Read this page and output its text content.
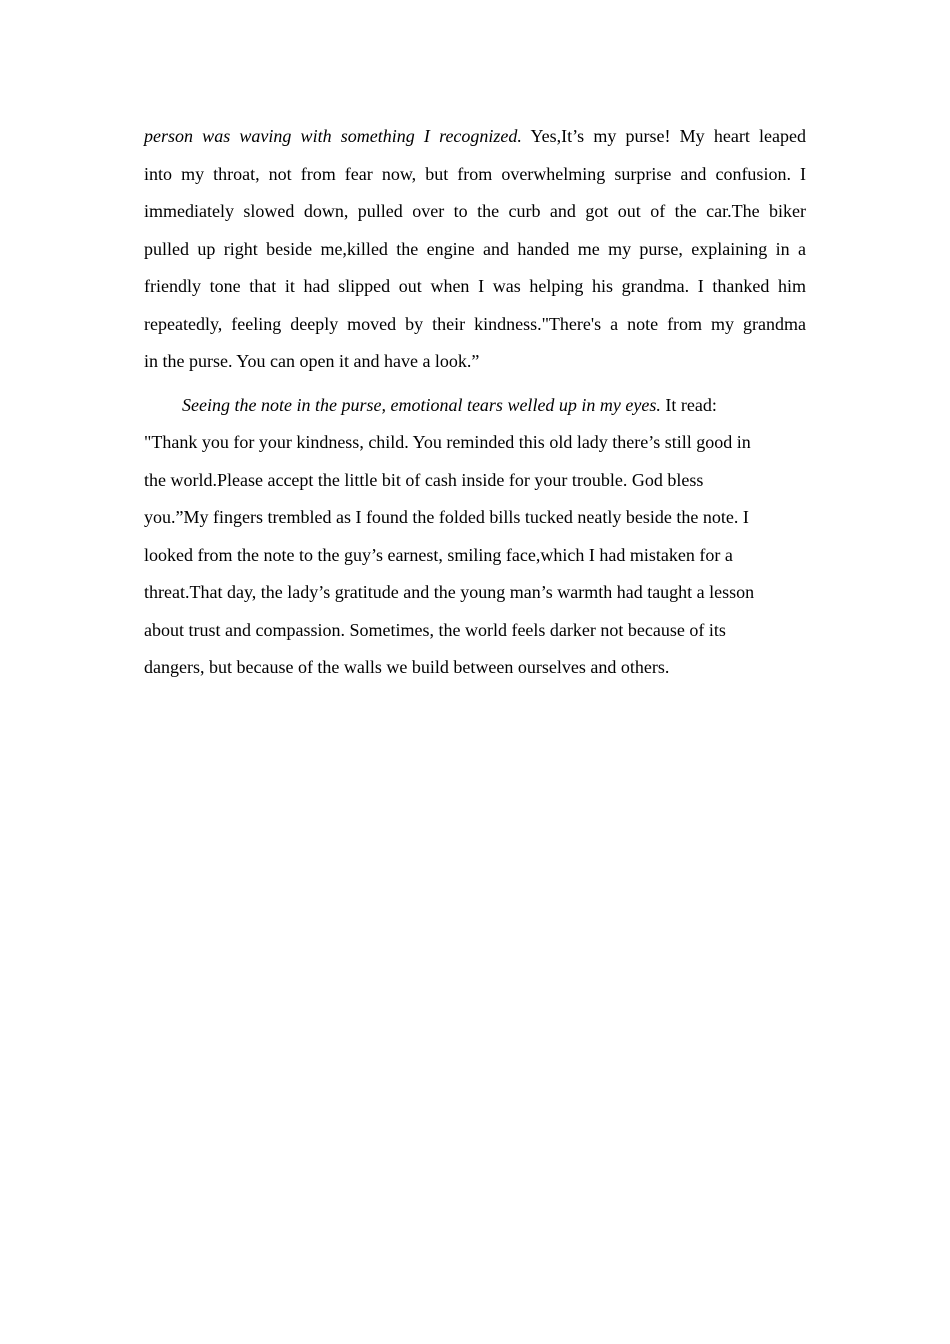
person was waving with something I recognized. Yes,It’s my purse! My heart leaped
into my throat, not from fear now, but from overwhelming surprise and confusion. I
immediately slowed down, pulled over to the curb and got out of the car.The biker
pulled up right beside me,killed the engine and handed me my purse, explaining in a
friendly tone that it had slipped out when I was helping his grandma. I thanked him
repeatedly, feeling deeply moved by their kindness."There's a note from my grandma
in the purse. You can open it and have a look.”

Seeing the note in the purse, emotional tears welled up in my eyes. It read:
"Thank you for your kindness, child. You reminded this old lady there’s still good in
the world.Please accept the little bit of cash inside for your trouble. God bless
you.”My fingers trembled as I found the folded bills tucked neatly beside the note. I
looked from the note to the guy’s earnest, smiling face,which I had mistaken for a
threat.That day, the lady’s gratitude and the young man’s warmth had taught a lesson
about trust and compassion. Sometimes, the world feels darker not because of its
dangers, but because of the walls we build between ourselves and others.
